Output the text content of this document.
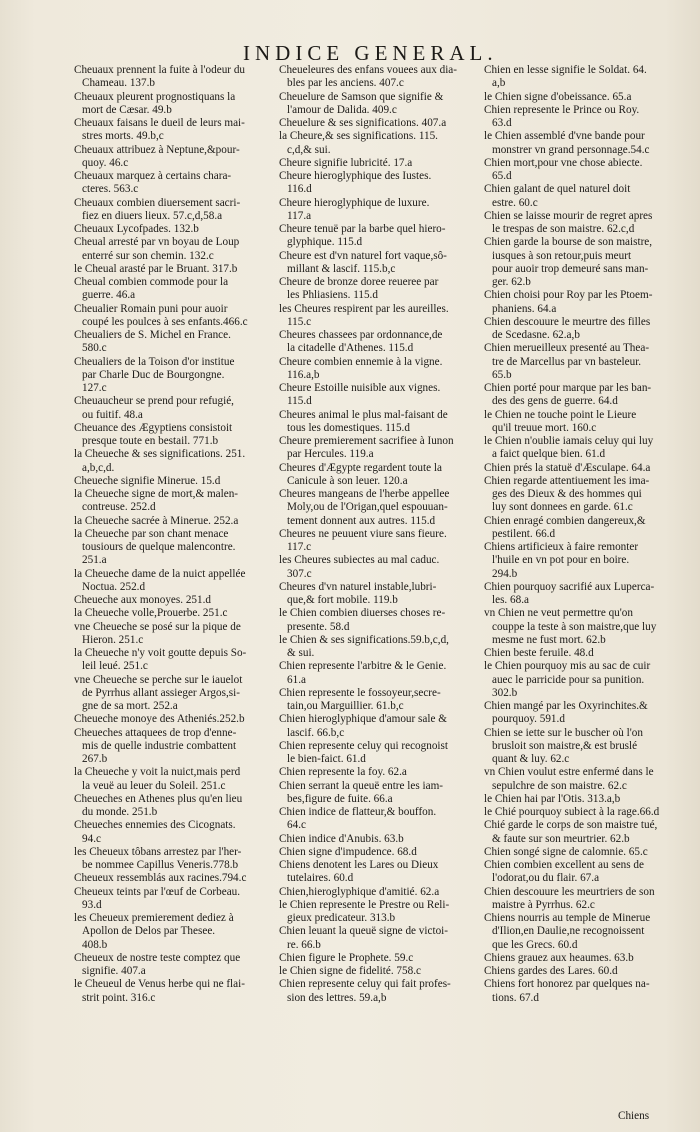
INDICE GENERAL.
Cheuaux prennent la fuite à l'odeur du
Chameau. 137.b
Cheuaux pleurent prognostiquans la
mort de Cæsar. 49.b
Cheuaux faisans le dueil de leurs mai-
stres morts. 49.b,c
Cheuaux attribuez à Neptune,&pour-
quoy. 46.c
Cheuaux marquez à certains chara-
cteres. 563.c
Cheuaux combien diuersement sacri-
fiez en diuers lieux. 57.c,d,58.a
Cheuaux Lycofpades. 132.b
Cheual arresté par vn boyau de Loup
enterré sur son chemin. 132.c
le Cheual arasté par le Bruant. 317.b
Cheual combien commode pour la
guerre. 46.a
Cheualier Romain puni pour auoir
coupé les poulces à ses enfants.466.c
Cheualiers de S. Michel en France.
580.c
Cheualiers de la Toison d'or institue
par Charle Duc de Bourgongne.
127.c
Cheuaucheur se prend pour refugié,
ou fuitif. 48.a
Cheuance des Ægyptiens consistoit
presque toute en bestail. 771.b
la Cheueche & ses significations. 251.
a,b,c,d.
Cheueche signifie Minerue. 15.d
la Cheueche signe de mort,& malen-
contreuse. 252.d
la Cheueche sacrée à Minerue. 252.a
la Cheueche par son chant menace
tousiours de quelque malencontre.
251.a
la Cheueche dame de la nuict appellée
Noctua. 252.d
Cheueche aux monoyes. 251.d
la Cheueche volle,Prouerbe. 251.c
vne Cheueche se posé sur la pique de
Hieron. 251.c
la Cheueche n'y voit goutte depuis So-
leil leué. 251.c
vne Cheueche se perche sur le iauelot
de Pyrrhus allant assieger Argos,si-
gne de sa mort. 252.a
Cheueche monoye des Atheniés.252.b
Cheueches attaquees de trop d'enne-
mis de quelle industrie combattent
267.b
la Cheueche y voit la nuict,mais perd
la veuë au leuer du Soleil. 251.c
Cheueches en Athenes plus qu'en lieu
du monde. 251.b
Cheueches ennemies des Cicognats.
94.c
les Cheueux tôbans arrestez par l'her-
be nommee Capillus Veneris.778.b
Cheueux ressemblás aux racines.794.c
Cheueux teints par l'œuf de Corbeau.
93.d
les Cheueux premierement dediez à
Apollon de Delos par Thesee.
408.b
Cheueux de nostre teste comptez que
signifie. 407.a
le Cheueul de Venus herbe qui ne flai-
strit point. 316.c
Cheueleures des enfans vouees aux dia-
bles par les anciens. 407.c
Cheuelure de Samson que signifie &
l'amour de Dalida. 409.c
Cheuelure & ses significations. 407.a
la Cheure,& ses significations. 115.
c,d,& sui.
Cheure signifie lubricité. 17.a
Cheure hieroglyphique des Iustes.
116.d
Cheure hieroglyphique de luxure.
117.a
Cheure tenuë par la barbe quel hiero-
glyphique. 115.d
Cheure est d'vn naturel fort vaque,sô-
millant & lascif. 115.b,c
Cheure de bronze doree reueree par
les Phliasiens. 115.d
les Cheures respirent par les aureilles.
115.c
Cheures chassees par ordonnance,de
la citadelle d'Athenes. 115.d
Cheure combien ennemie à la vigne.
116.a,b
Cheure Estoille nuisible aux vignes.
115.d
Cheures animal le plus mal-faisant de
tous les domestiques. 115.d
Cheure premierement sacrifiee à Iunon
par Hercules. 119.a
Cheures d'Ægypte regardent toute la
Canicule à son leuer. 120.a
Cheures mangeans de l'herbe appellee
Moly,ou de l'Origan,quel espouuan-
tement donnent aux autres. 115.d
Cheures ne peuuent viure sans fieure.
117.c
les Cheures subiectes au mal caduc.
307.c
Cheures d'vn naturel instable,lubri-
que,& fort mobile. 119.b
le Chien combien diuerses choses re-
presente. 58.d
le Chien & ses significations.59.b,c,d,
& sui.
Chien represente l'arbitre & le Genie.
61.a
Chien represente le fossoyeur,secre-
tain,ou Marguillier. 61.b,c
Chien hieroglyphique d'amour sale &
lascif. 66.b,c
Chien represente celuy qui recognoist
le bien-faict. 61.d
Chien represente la foy. 62.a
Chien serrant la queuë entre les iam-
bes,figure de fuite. 66.a
Chien indice de flatteur,& bouffon.
64.c
Chien indice d'Anubis. 63.b
Chien signe d'impudence. 68.d
Chiens denotent les Lares ou Dieux
tutelaires. 60.d
Chien,hieroglyphique d'amitié. 62.a
le Chien represente le Prestre ou Reli-
gieux predicateur. 313.b
Chien leuant la queuë signe de victoi-
re. 66.b
Chien figure le Prophete. 59.c
le Chien signe de fidelité. 758.c
Chien represente celuy qui fait profes-
sion des lettres. 59.a,b
Chien en lesse signifie le Soldat. 64.
a,b
le Chien signe d'obeissance. 65.a
Chien represente le Prince ou Roy.
63.d
le Chien assemblé d'vne bande pour
monstrer vn grand personnage.54.c
Chien mort,pour vne chose abiecte.
65.d
Chien galant de quel naturel doit
estre. 60.c
Chien se laisse mourir de regret apres
le trespas de son maistre. 62.c,d
Chien garde la bourse de son maistre,
iusques à son retour,puis meurt
pour auoir trop demeuré sans man-
ger. 62.b
Chien choisi pour Roy par les Ptoem-
phaniens. 64.a
Chien descouure le meurtre des filles
de Scedasne. 62.a,b
Chien merueilleux presenté au Thea-
tre de Marcellus par vn basteleur.
65.b
Chien porté pour marque par les ban-
des des gens de guerre. 64.d
le Chien ne touche point le Lieure
qu'il treuue mort. 160.c
le Chien n'oublie iamais celuy qui luy
a faict quelque bien. 61.d
Chien prés la statuë d'Æsculape. 64.a
Chien regarde attentiuement les ima-
ges des Dieux & des hommes qui
luy sont donnees en garde. 61.c
Chien enragé combien dangereux,&
pestilent. 66.d
Chiens artificieux à faire remonter
l'huile en vn pot pour en boire.
294.b
Chien pourquoy sacrifié aux Luperca-
les. 68.a
vn Chien ne veut permettre qu'on
couppe la teste à son maistre,que luy
mesme ne fust mort. 62.b
Chien beste feruile. 48.d
le Chien pourquoy mis au sac de cuir
auec le parricide pour sa punition.
302.b
Chien mangé par les Oxyrinchites.&
pourquoy. 591.d
Chien se iette sur le buscher où l'on
brusloit son maistre,& est bruslé
quant & luy. 62.c
vn Chien voulut estre enfermé dans le
sepulchre de son maistre. 62.c
le Chien hai par l'Otis. 313.a,b
le Chié pourquoy subiect à la rage.66.d
Chié garde le corps de son maistre tué,
& faute sur son meurtrier. 62.b
Chien songé signe de calomnie. 65.c
Chien combien excellent au sens de
l'odorat,ou du flair. 67.a
Chien descouure les meurtriers de son
maistre à Pyrrhus. 62.c
Chiens nourris au temple de Minerue
d'Ilion,en Daulie,ne recognoissent
que les Grecs. 60.d
Chiens grauez aux heaumes. 63.b
Chiens gardes des Lares. 60.d
Chiens fort honorez par quelques na-
tions. 67.d
Chiens
